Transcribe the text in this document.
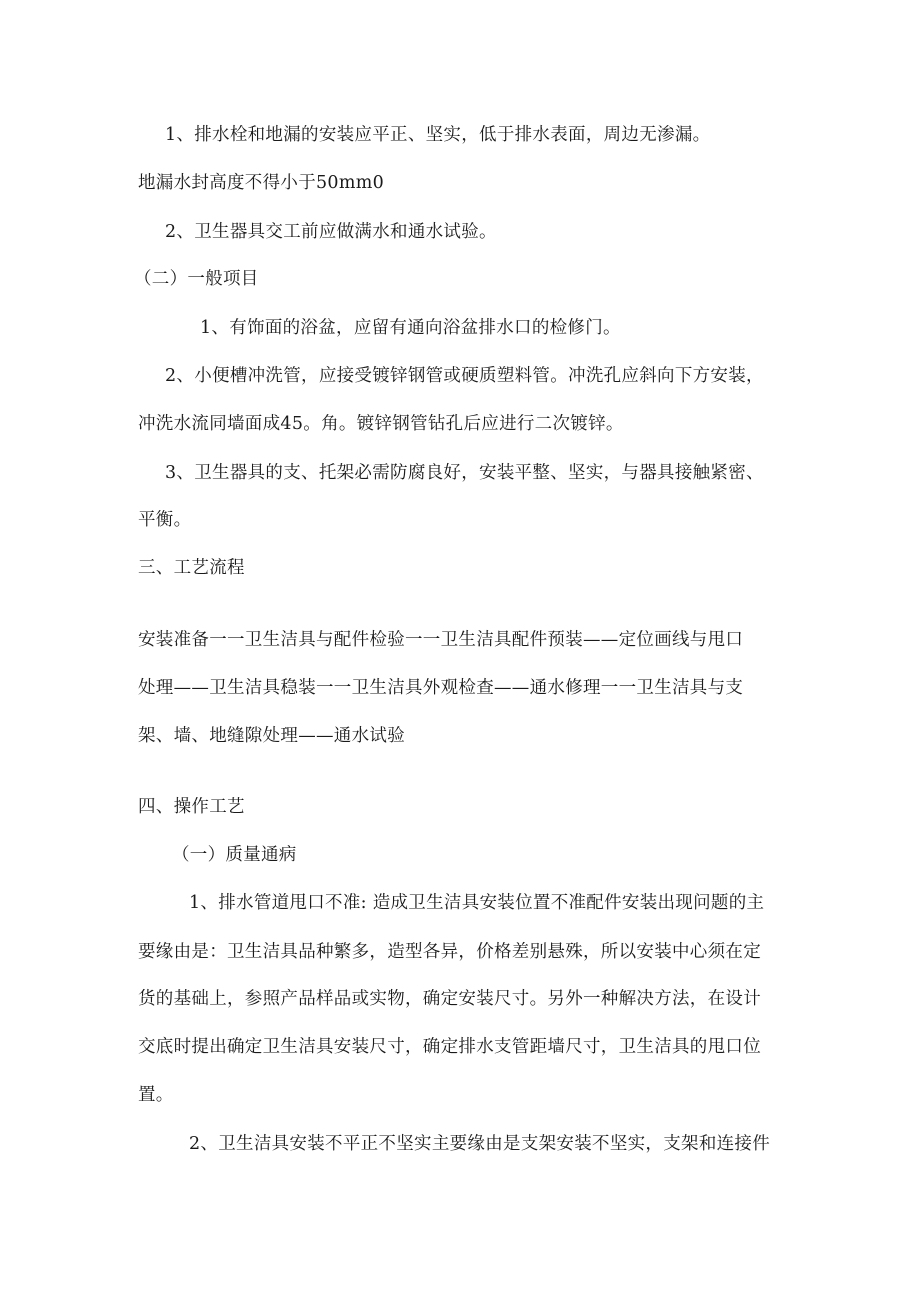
1、排水栓和地漏的安装应平正、坚实，低于排水表面，周边无渗漏。
地漏水封高度不得小于50mm0
2、卫生器具交工前应做满水和通水试验。
（二）一般项目
1、有饰面的浴盆，应留有通向浴盆排水口的检修门。
2、小便槽冲洗管，应接受镀锌钢管或硬质塑料管。冲洗孔应斜向下方安装，
冲洗水流同墙面成45。角。镀锌钢管钻孔后应进行二次镀锌。
3、卫生器具的支、托架必需防腐良好，安装平整、坚实，与器具接触紧密、
平衡。
三、工艺流程
安装准备一一卫生洁具与配件检验一一卫生洁具配件预装——定位画线与甩口
处理——卫生洁具稳装一一卫生洁具外观检查——通水修理一一卫生洁具与支
架、墙、地缝隙处理——通水试验
四、操作工艺
（一）质量通病
1、排水管道甩口不准: 造成卫生洁具安装位置不准配件安装出现问题的主
要缘由是：卫生洁具品种繁多，造型各异，价格差别悬殊，所以安装中心须在定
货的基础上，参照产品样品或实物，确定安装尺寸。另外一种解决方法，在设计
交底时提出确定卫生洁具安装尺寸，确定排水支管距墙尺寸，卫生洁具的甩口位
置。
2、卫生洁具安装不平正不坚实主要缘由是支架安装不坚实，支架和连接件
